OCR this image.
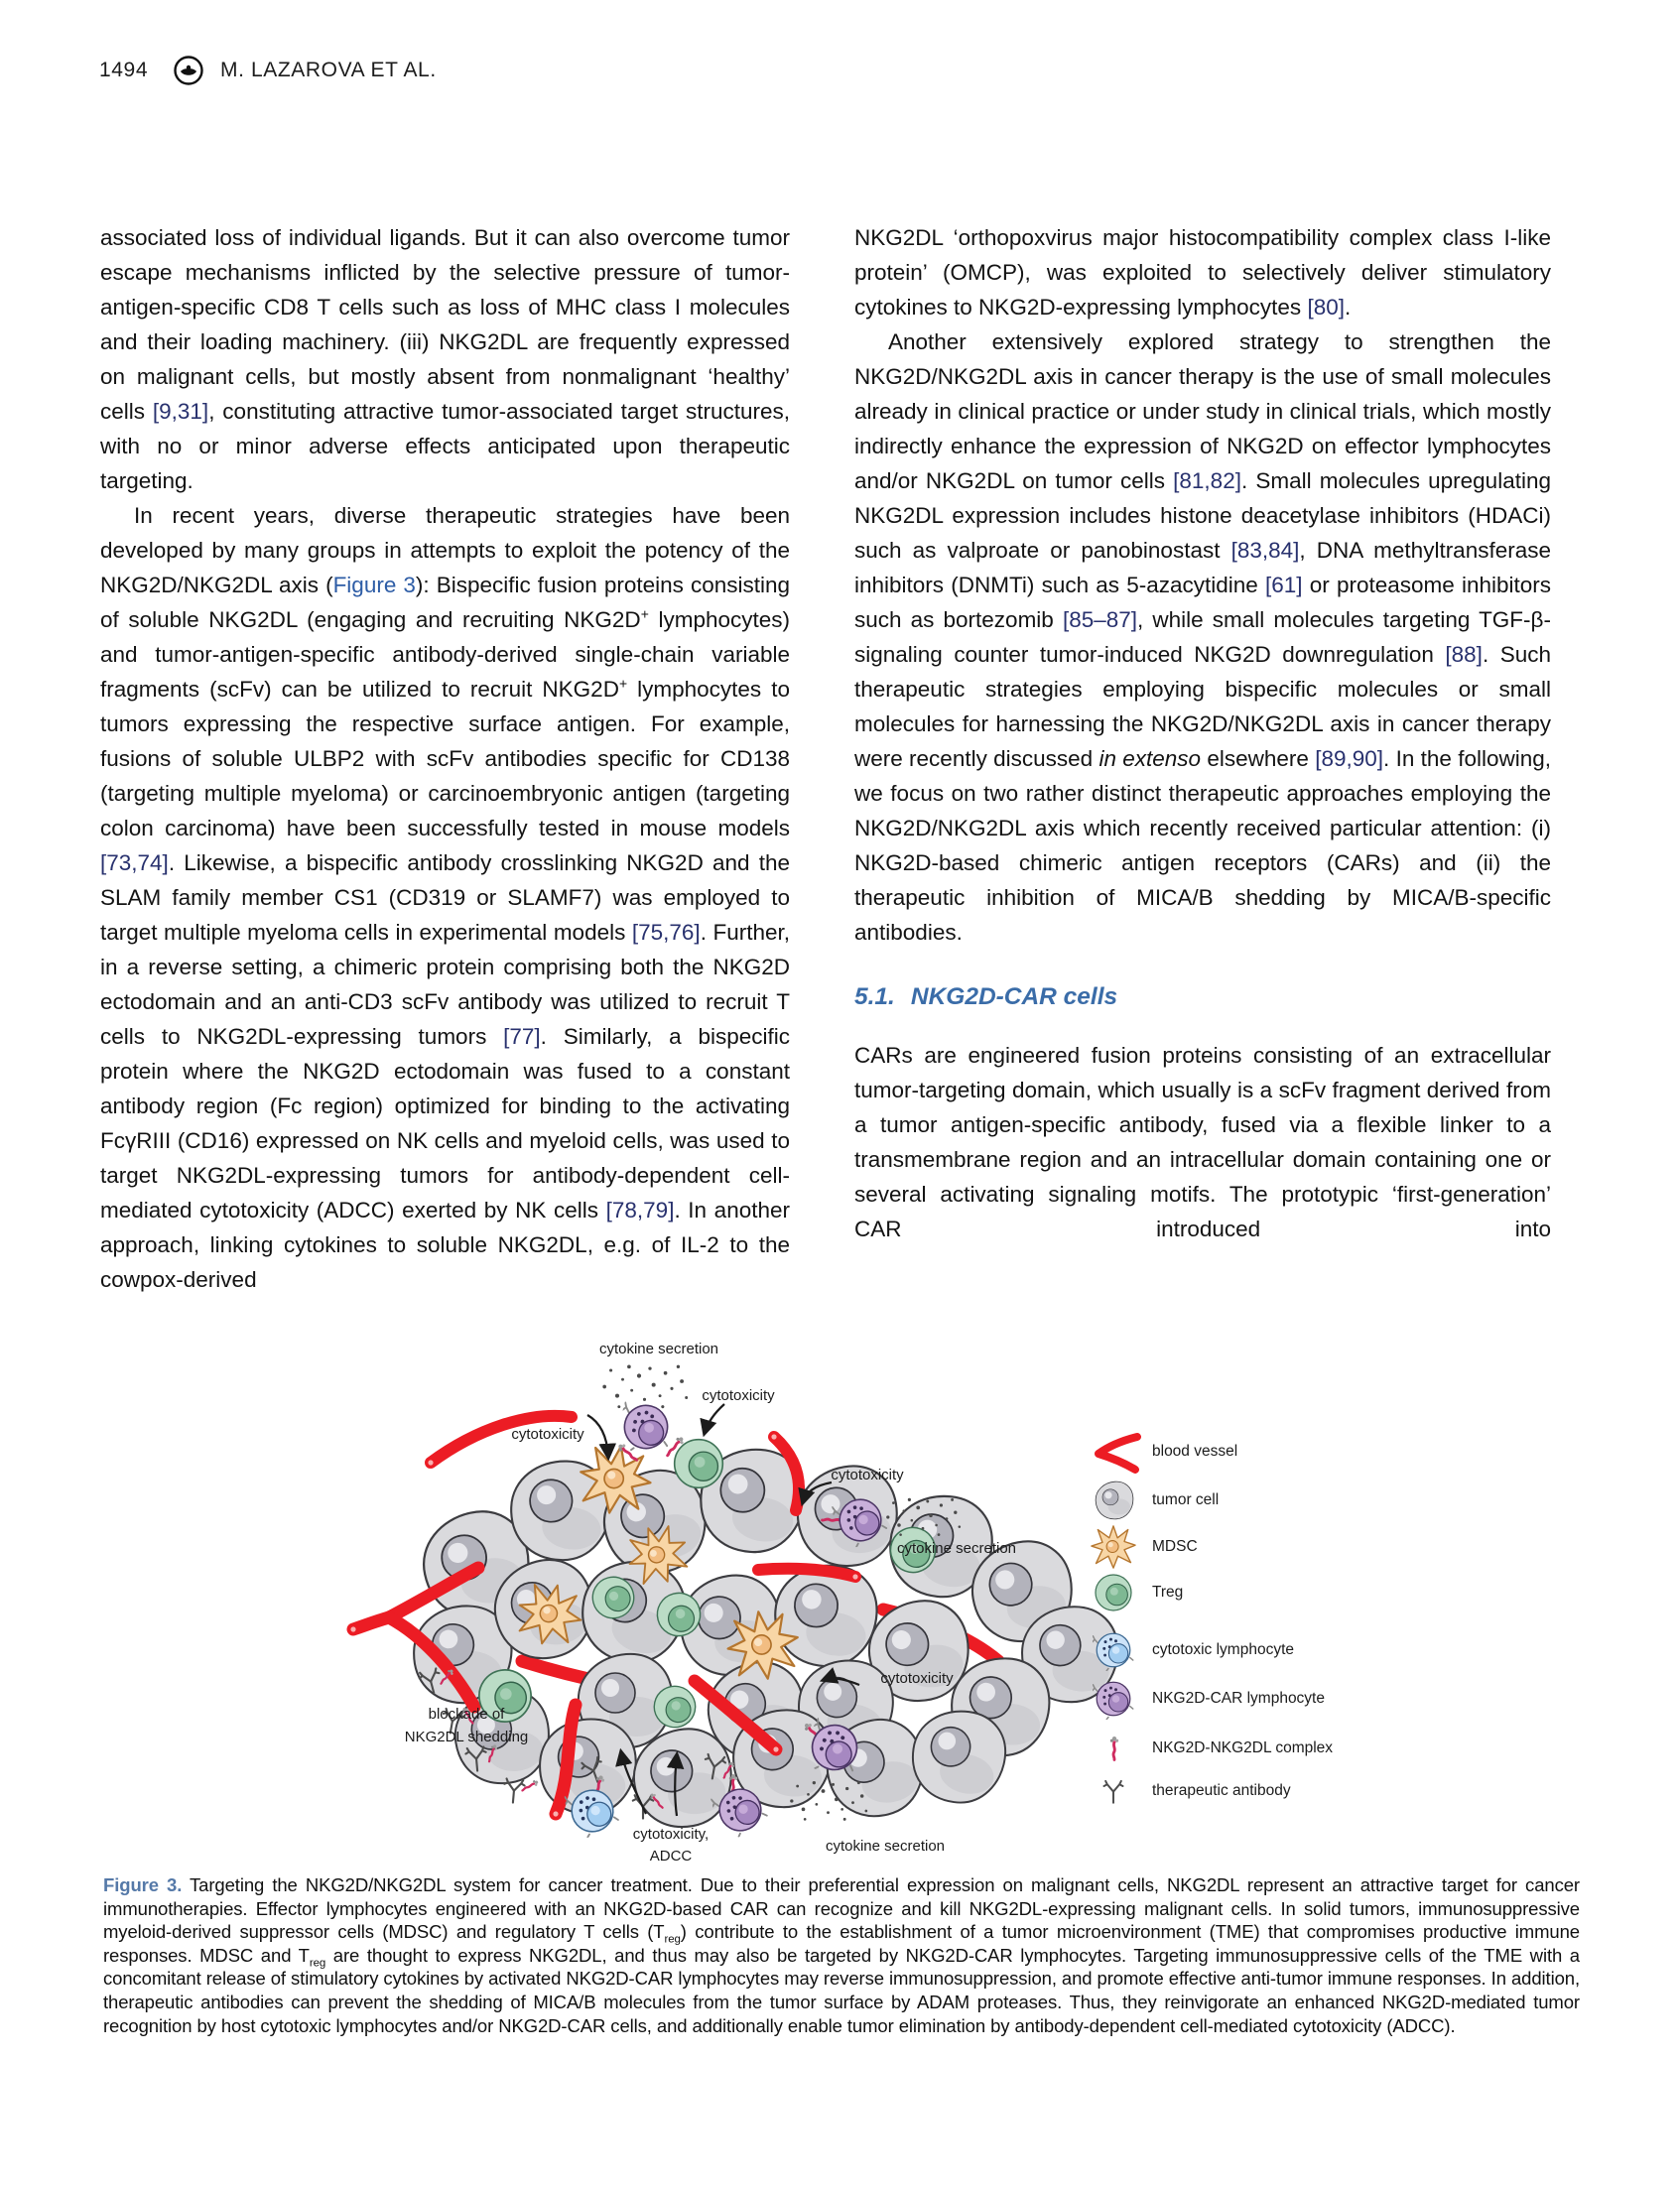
1494	M. LAZAROVA ET AL.

associated loss of individual ligands. But it can also overcome tumor escape mechanisms inflicted by the selective pressure of tumor-antigen-specific CD8 T cells such as loss of MHC class I molecules and their loading machinery. (iii) NKG2DL are frequently expressed on malignant cells, but mostly absent from nonmalignant ‘healthy’ cells [9,31], constituting attractive tumor-associated target structures, with no or minor adverse effects anticipated upon therapeutic targeting.

In recent years, diverse therapeutic strategies have been developed by many groups in attempts to exploit the potency of the NKG2D/NKG2DL axis (Figure 3): Bispecific fusion proteins consisting of soluble NKG2DL (engaging and recruiting NKG2D+ lymphocytes) and tumor-antigen-specific antibody-derived single-chain variable fragments (scFv) can be utilized to recruit NKG2D+ lymphocytes to tumors expressing the respective surface antigen. For example, fusions of soluble ULBP2 with scFv antibodies specific for CD138 (targeting multiple myeloma) or carcinoembryonic antigen (targeting colon carcinoma) have been successfully tested in mouse models [73,74]. Likewise, a bispecific antibody crosslinking NKG2D and the SLAM family member CS1 (CD319 or SLAMF7) was employed to target multiple myeloma cells in experimental models [75,76]. Further, in a reverse setting, a chimeric protein comprising both the NKG2D ectodomain and an anti-CD3 scFv antibody was utilized to recruit T cells to NKG2DL-expressing tumors [77]. Similarly, a bispecific protein where the NKG2D ectodomain was fused to a constant antibody region (Fc region) optimized for binding to the activating FcγRIII (CD16) expressed on NK cells and myeloid cells, was used to target NKG2DL-expressing tumors for antibody-dependent cell-mediated cytotoxicity (ADCC) exerted by NK cells [78,79]. In another approach, linking cytokines to soluble NKG2DL, e.g. of IL-2 to the cowpox-derived

NKG2DL ‘orthopoxvirus major histocompatibility complex class I-like protein’ (OMCP), was exploited to selectively deliver stimulatory cytokines to NKG2D-expressing lymphocytes [80].

Another extensively explored strategy to strengthen the NKG2D/NKG2DL axis in cancer therapy is the use of small molecules already in clinical practice or under study in clinical trials, which mostly indirectly enhance the expression of NKG2D on effector lymphocytes and/or NKG2DL on tumor cells [81,82]. Small molecules upregulating NKG2DL expression includes histone deacetylase inhibitors (HDACi) such as valproate or panobinostast [83,84], DNA methyltransferase inhibitors (DNMTi) such as 5-azacytidine [61] or proteasome inhibitors such as bortezomib [85–87], while small molecules targeting TGF-β-signaling counter tumor-induced NKG2D downregulation [88]. Such therapeutic strategies employing bispecific molecules or small molecules for harnessing the NKG2D/NKG2DL axis in cancer therapy were recently discussed in extenso elsewhere [89,90]. In the following, we focus on two rather distinct therapeutic approaches employing the NKG2D/NKG2DL axis which recently received particular attention: (i) NKG2D-based chimeric antigen receptors (CARs) and (ii) the therapeutic inhibition of MICA/B shedding by MICA/B-specific antibodies.

5.1. NKG2D-CAR cells

CARs are engineered fusion proteins consisting of an extracellular tumor-targeting domain, which usually is a scFv fragment derived from a tumor antigen-specific antibody, fused via a flexible linker to a transmembrane region and an intracellular domain containing one or several activating signaling motifs. The prototypic ‘first-generation’ CAR introduced into

cytokine secretion
cytotoxicity
cytotoxicity
cytotoxicity
cytokine secretion
cytotoxicity
blockade of
NKG2DL shedding
cytotoxicity,
ADCC
cytokine secretion
blood vessel
tumor cell
MDSC
Treg
cytotoxic lymphocyte
NKG2D-CAR lymphocyte
NKG2D-NKG2DL complex
therapeutic antibody
Figure 3. Targeting the NKG2D/NKG2DL system for cancer treatment. Due to their preferential expression on malignant cells, NKG2DL represent an attractive target for cancer immunotherapies. Effector lymphocytes engineered with an NKG2D-based CAR can recognize and kill NKG2DL-expressing malignant cells. In solid tumors, immunosuppressive myeloid-derived suppressor cells (MDSC) and regulatory T cells $(T_{reg})$ contribute to the establishment of a tumor microenvironment (TME) that compromises productive immune responses. MDSC and $T_{reg}$ are thought to express NKG2DL, and thus may also be targeted by NKG2D-CAR lymphocytes. Targeting immunosuppressive cells of the TME with a concomitant release of stimulatory cytokines by activated NKG2D-CAR lymphocytes may reverse immunosuppression, and promote effective anti-tumor immune responses. In addition, therapeutic antibodies can prevent the shedding of MICA/B molecules from the tumor surface by ADAM proteases. Thus, they reinvigorate an enhanced NKG2D-mediated tumor recognition by host cytotoxic lymphocytes and/or NKG2D-CAR cells, and additionally enable tumor elimination by antibody-dependent cell-mediated cytotoxicity (ADCC).
